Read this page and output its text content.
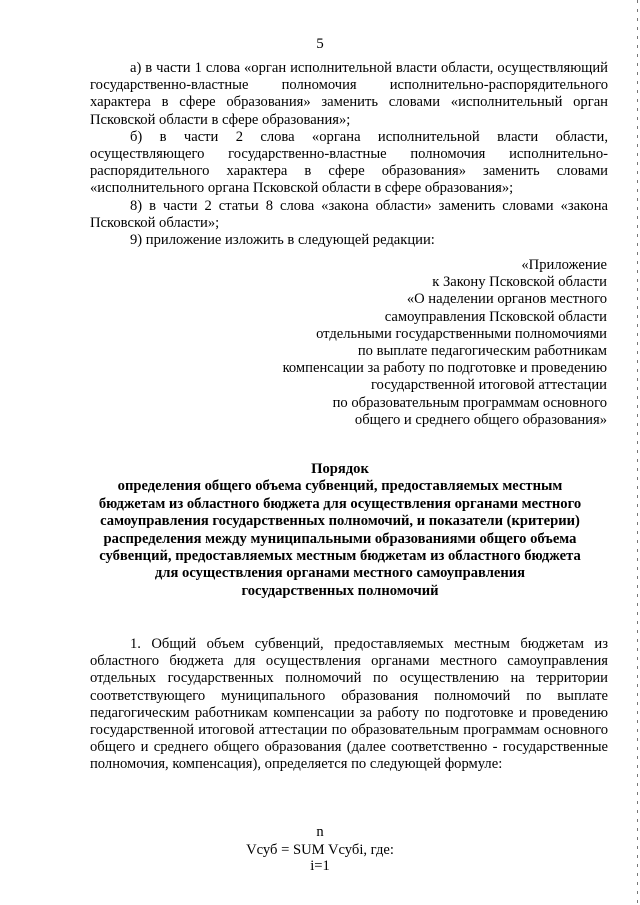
5

а) в части 1 слова «орган исполнительной власти области, осуществляющий государственно-властные полномочия исполнительно-распорядительного характера в сфере образования» заменить словами «исполнительный орган Псковской области в сфере образования»;

б) в части 2 слова «органа исполнительной власти области, осуществляющего государственно-властные полномочия исполнительно-распорядительного характера в сфере образования» заменить словами «исполнительного органа Псковской области в сфере образования»;

8) в части 2 статьи 8 слова «закона области» заменить словами «закона Псковской области»;

9) приложение изложить в следующей редакции:

«Приложение
к Закону Псковской области
«О наделении органов местного
самоуправления Псковской области
отдельными государственными полномочиями
по выплате педагогическим работникам
компенсации за работу по подготовке и проведению
государственной итоговой аттестации
по образовательным программам основного
общего и среднего общего образования»
Порядок
определения общего объема субвенций, предоставляемых местным
бюджетам из областного бюджета для осуществления органами местного
самоуправления государственных полномочий, и показатели (критерии)
распределения между муниципальными образованиями общего объема
субвенций, предоставляемых местным бюджетам из областного бюджета
для осуществления органами местного самоуправления
государственных полномочий

1. Общий объем субвенций, предоставляемых местным бюджетам из областного бюджета для осуществления органами местного самоуправления отдельных государственных полномочий по осуществлению на территории соответствующего муниципального образования полномочий по выплате педагогическим работникам компенсации за работу по подготовке и проведению государственной итоговой аттестации по образовательным программам основного общего и среднего общего образования (далее соответственно - государственные полномочия, компенсация), определяется по следующей формуле:

n
Vсуб = SUM Vсубi, где:
i=1
